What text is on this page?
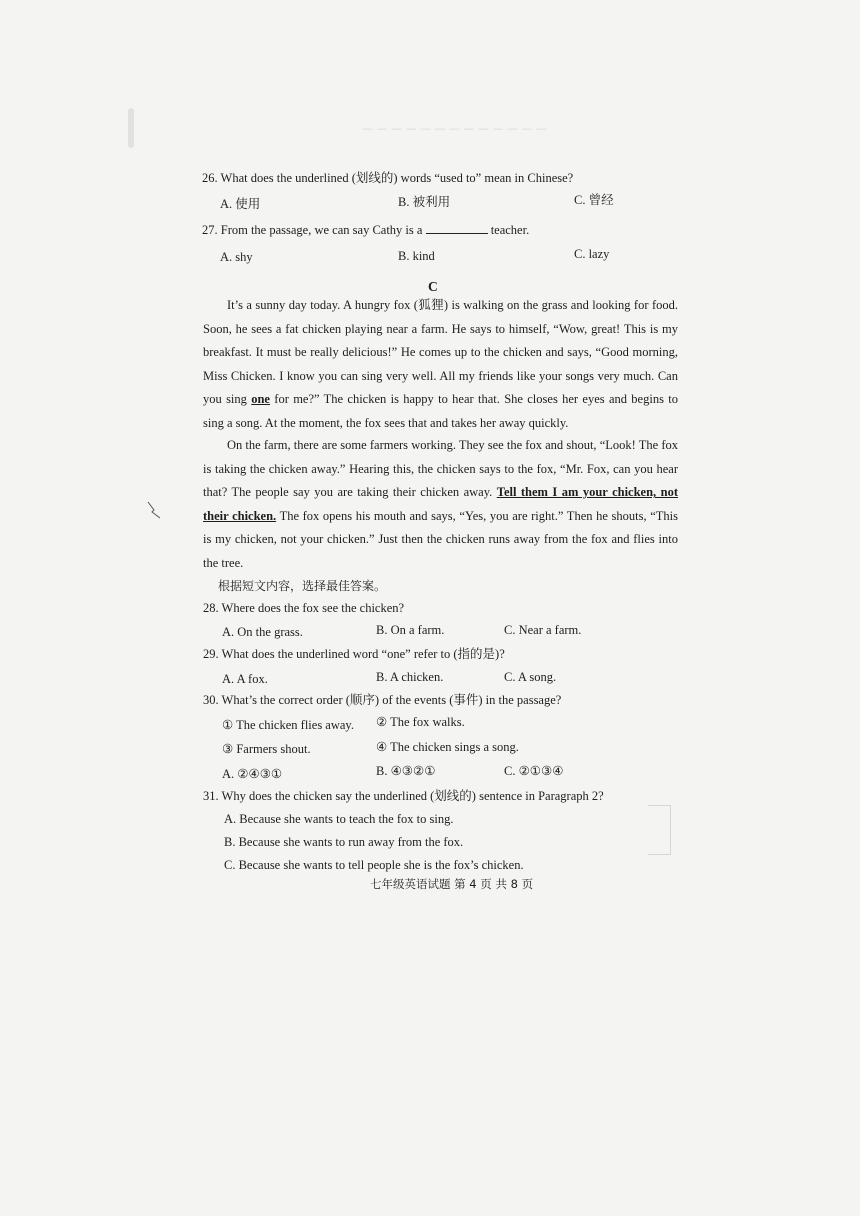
— — — — — — — — — — — — —
26. What does the underlined (划线的) words “used to” mean in Chinese?
A. 使用	B. 被利用	C. 曾经
27. From the passage, we can say Cathy is a	teacher.
A. shy	B. kind	C. lazy
C
It’s a sunny day today. A hungry fox (狐狸) is walking on the grass and looking for food. Soon, he sees a fat chicken playing near a farm. He says to himself, “Wow, great! This is my breakfast. It must be really delicious!” He comes up to the chicken and says, “Good morning, Miss Chicken. I know you can sing very well. All my friends like your songs very much. Can you sing one for me?” The chicken is happy to hear that. She closes her eyes and begins to sing a song. At the moment, the fox sees that and takes her away quickly.
On the farm, there are some farmers working. They see the fox and shout, “Look! The fox is taking the chicken away.” Hearing this, the chicken says to the fox, “Mr. Fox, can you hear that? The people say you are taking their chicken away. Tell them I am your chicken, not their chicken. The fox opens his mouth and says, “Yes, you are right.” Then he shouts, “This is my chicken, not your chicken.” Just then the chicken runs away from the fox and flies into the tree.
根据短文内容，选择最佳答案。
28. Where does the fox see the chicken?
A. On the grass.	B. On a farm.	C. Near a farm.
29. What does the underlined word “one” refer to (指的是)?
A. A fox.	B. A chicken.	C. A song.
30. What’s the correct order (顺序) of the events (事件) in the passage?
① The chicken flies away. ② The fox walks.
③ Farmers shout.	④ The chicken sings a song.
A. ②④③①	B. ④③②①	C. ②①③④
31. Why does the chicken say the underlined (划线的) sentence in Paragraph 2?
A. Because she wants to teach the fox to sing.
B. Because she wants to run away from the fox.
C. Because she wants to tell people she is the fox’s chicken.
七年级英语试题 第 4 页 共 8 页
